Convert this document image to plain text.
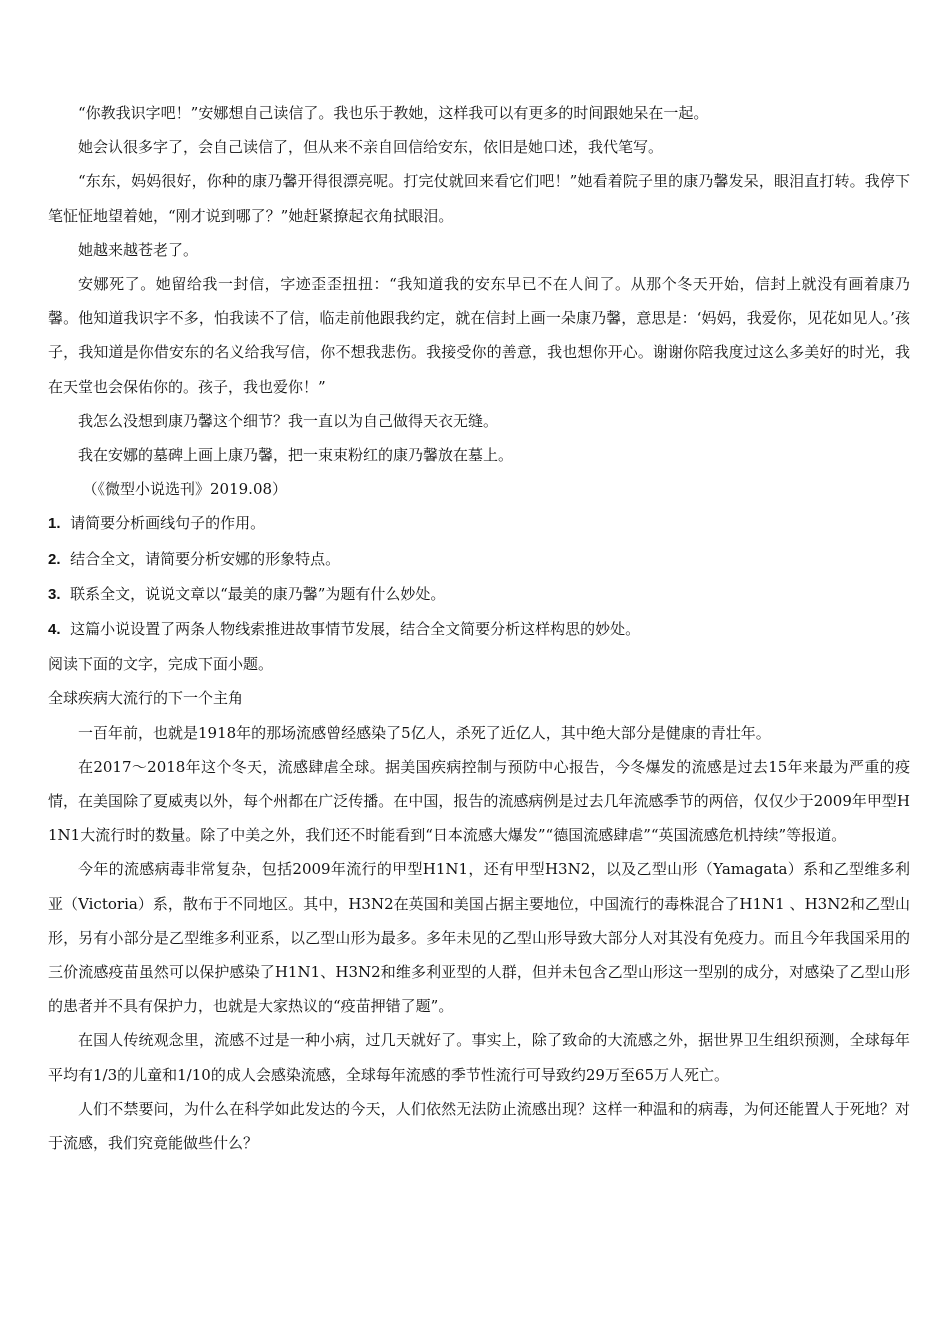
“你教我识字吧！”安娜想自己读信了。我也乐于教她，这样我可以有更多的时间跟她呆在一起。

她会认很多字了，会自己读信了，但从来不亲自回信给安东，依旧是她口述，我代笔写。

“东东，妈妈很好，你种的康乃馨开得很漂亮呢。打完仗就回来看它们吧！”她看着院子里的康乃馨发呆，眼泪直打转。我停下笔怔怔地望着她，“刚才说到哪了？”她赶紧撩起衣角拭眼泪。

她越来越苍老了。

安娜死了。她留给我一封信，字迹歪歪扭扭：“我知道我的安东早已不在人间了。从那个冬天开始，信封上就没有画着康乃馨。他知道我识字不多，怕我读不了信，临走前他跟我约定，就在信封上画一朵康乃馨，意思是：‘妈妈，我爱你，见花如见人。’孩子，我知道是你借安东的名义给我写信，你不想我悲伤。我接受你的善意，我也想你开心。谢谢你陪我度过这么多美好的时光，我在天堂也会保佑你的。孩子，我也爱你！”

我怎么没想到康乃馨这个细节？我一直以为自己做得天衣无缝。

我在安娜的墓碑上画上康乃馨，把一束束粉红的康乃馨放在墓上。

（《微型小说选刊》2019.08）

1. 请简要分析画线句子的作用。

2. 结合全文，请简要分析安娜的形象特点。

3. 联系全文，说说文章以“最美的康乃馨”为题有什么妙处。

4. 这篇小说设置了两条人物线索推进故事情节发展，结合全文简要分析这样构思的妙处。

阅读下面的文字，完成下面小题。

全球疾病大流行的下一个主角

一百年前，也就是1918年的那场流感曾经感染了5亿人，杀死了近亿人，其中绝大部分是健康的青壮年。

在2017～2018年这个冬天，流感肆虐全球。据美国疾病控制与预防中心报告，今冬爆发的流感是过去15年来最为严重的疫情，在美国除了夏威夷以外，每个州都在广泛传播。在中国，报告的流感病例是过去几年流感季节的两倍，仅仅少于2009年甲型H1N1大流行时的数量。除了中美之外，我们还不时能看到“日本流感大爆发”“德国流感肆虐”“英国流感危机持续”等报道。

今年的流感病毒非常复杂，包括2009年流行的甲型H1N1，还有甲型H3N2，以及乙型山形（Yamagata）系和乙型维多利亚（Victoria）系，散布于不同地区。其中，H3N2在英国和美国占据主要地位，中国流行的毒株混合了H1N1 、H3N2和乙型山形，另有小部分是乙型维多利亚系，以乙型山形为最多。多年未见的乙型山形导致大部分人对其没有免疫力。而且今年我国采用的三价流感疫苗虽然可以保护感染了H1N1、H3N2和维多利亚型的人群，但并未包含乙型山形这一型别的成分，对感染了乙型山形的患者并不具有保护力，也就是大家热议的“疫苗押错了题”。

在国人传统观念里，流感不过是一种小病，过几天就好了。事实上，除了致命的大流感之外，据世界卫生组织预测，全球每年平均有1/3的儿童和1/10的成人会感染流感，全球每年流感的季节性流行可导致约29万至65万人死亡。

人们不禁要问，为什么在科学如此发达的今天，人们依然无法防止流感出现？这样一种温和的病毒，为何还能置人于死地？对于流感，我们究竟能做些什么？
